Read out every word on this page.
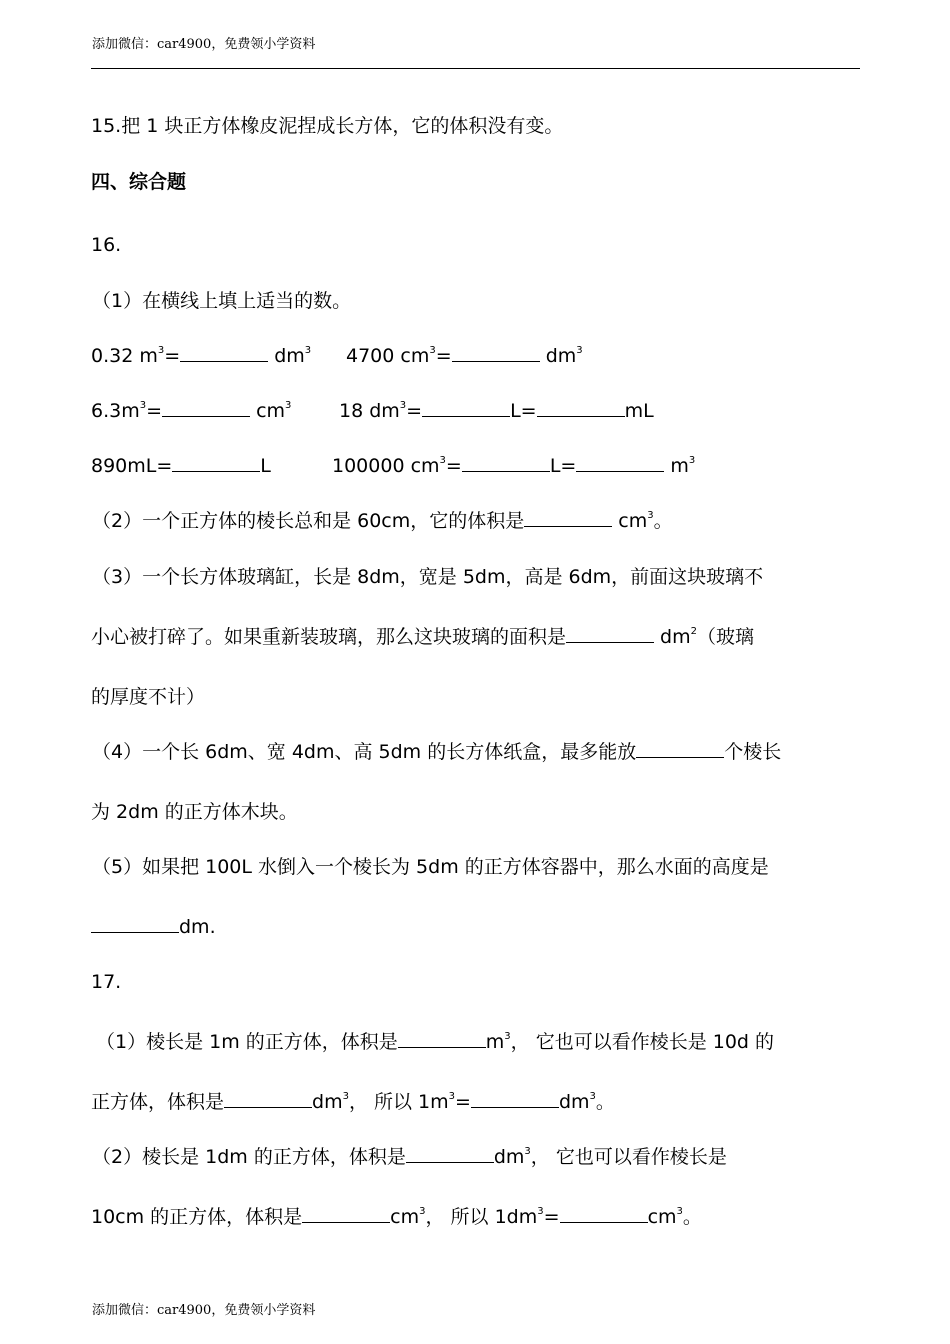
添加微信：car4900，免费领小学资料
15.把 1 块正方体橡皮泥捏成长方体，它的体积没有变。
四、综合题
16.
（1）在横线上填上适当的数。
0.32 $m^3=$	$dm^3$ 4700 $cm^3=$	$dm^3$
$6.3m^3=$	$cm^3$	18 $dm^3=$	L=	mL
890mL=	L	100000 $cm^3=$	L=	$m^3$
（2）一个正方体的棱长总和是 60cm，它的体积是	$cm^3$。
（3）一个长方体玻璃缸，长是 8dm，宽是 5dm，高是 6dm，前面这块玻璃不
小心被打碎了。如果重新装玻璃，那么这块玻璃的面积是	$dm^2$（玻璃
的厚度不计）
（4）一个长 6dm、宽 4dm、高 5dm 的长方体纸盒，最多能放	个棱长
为 2dm 的正方体木块。
（5）如果把 100L 水倒入一个棱长为 5dm 的正方体容器中，那么水面的高度是
dm.
17.
（1）棱长是 1m 的正方体，体积是	$m^3$， 它也可以看作棱长是 10d 的
正方体，体积是	$dm^3$， 所以 $1m^3=$	$dm^3$。
（2）棱长是 1dm 的正方体，体积是	$dm^3$， 它也可以看作棱长是
10cm 的正方体，体积是	$cm^3$， 所以 $1dm^3=$	$cm^3$。
添加微信：car4900，免费领小学资料
